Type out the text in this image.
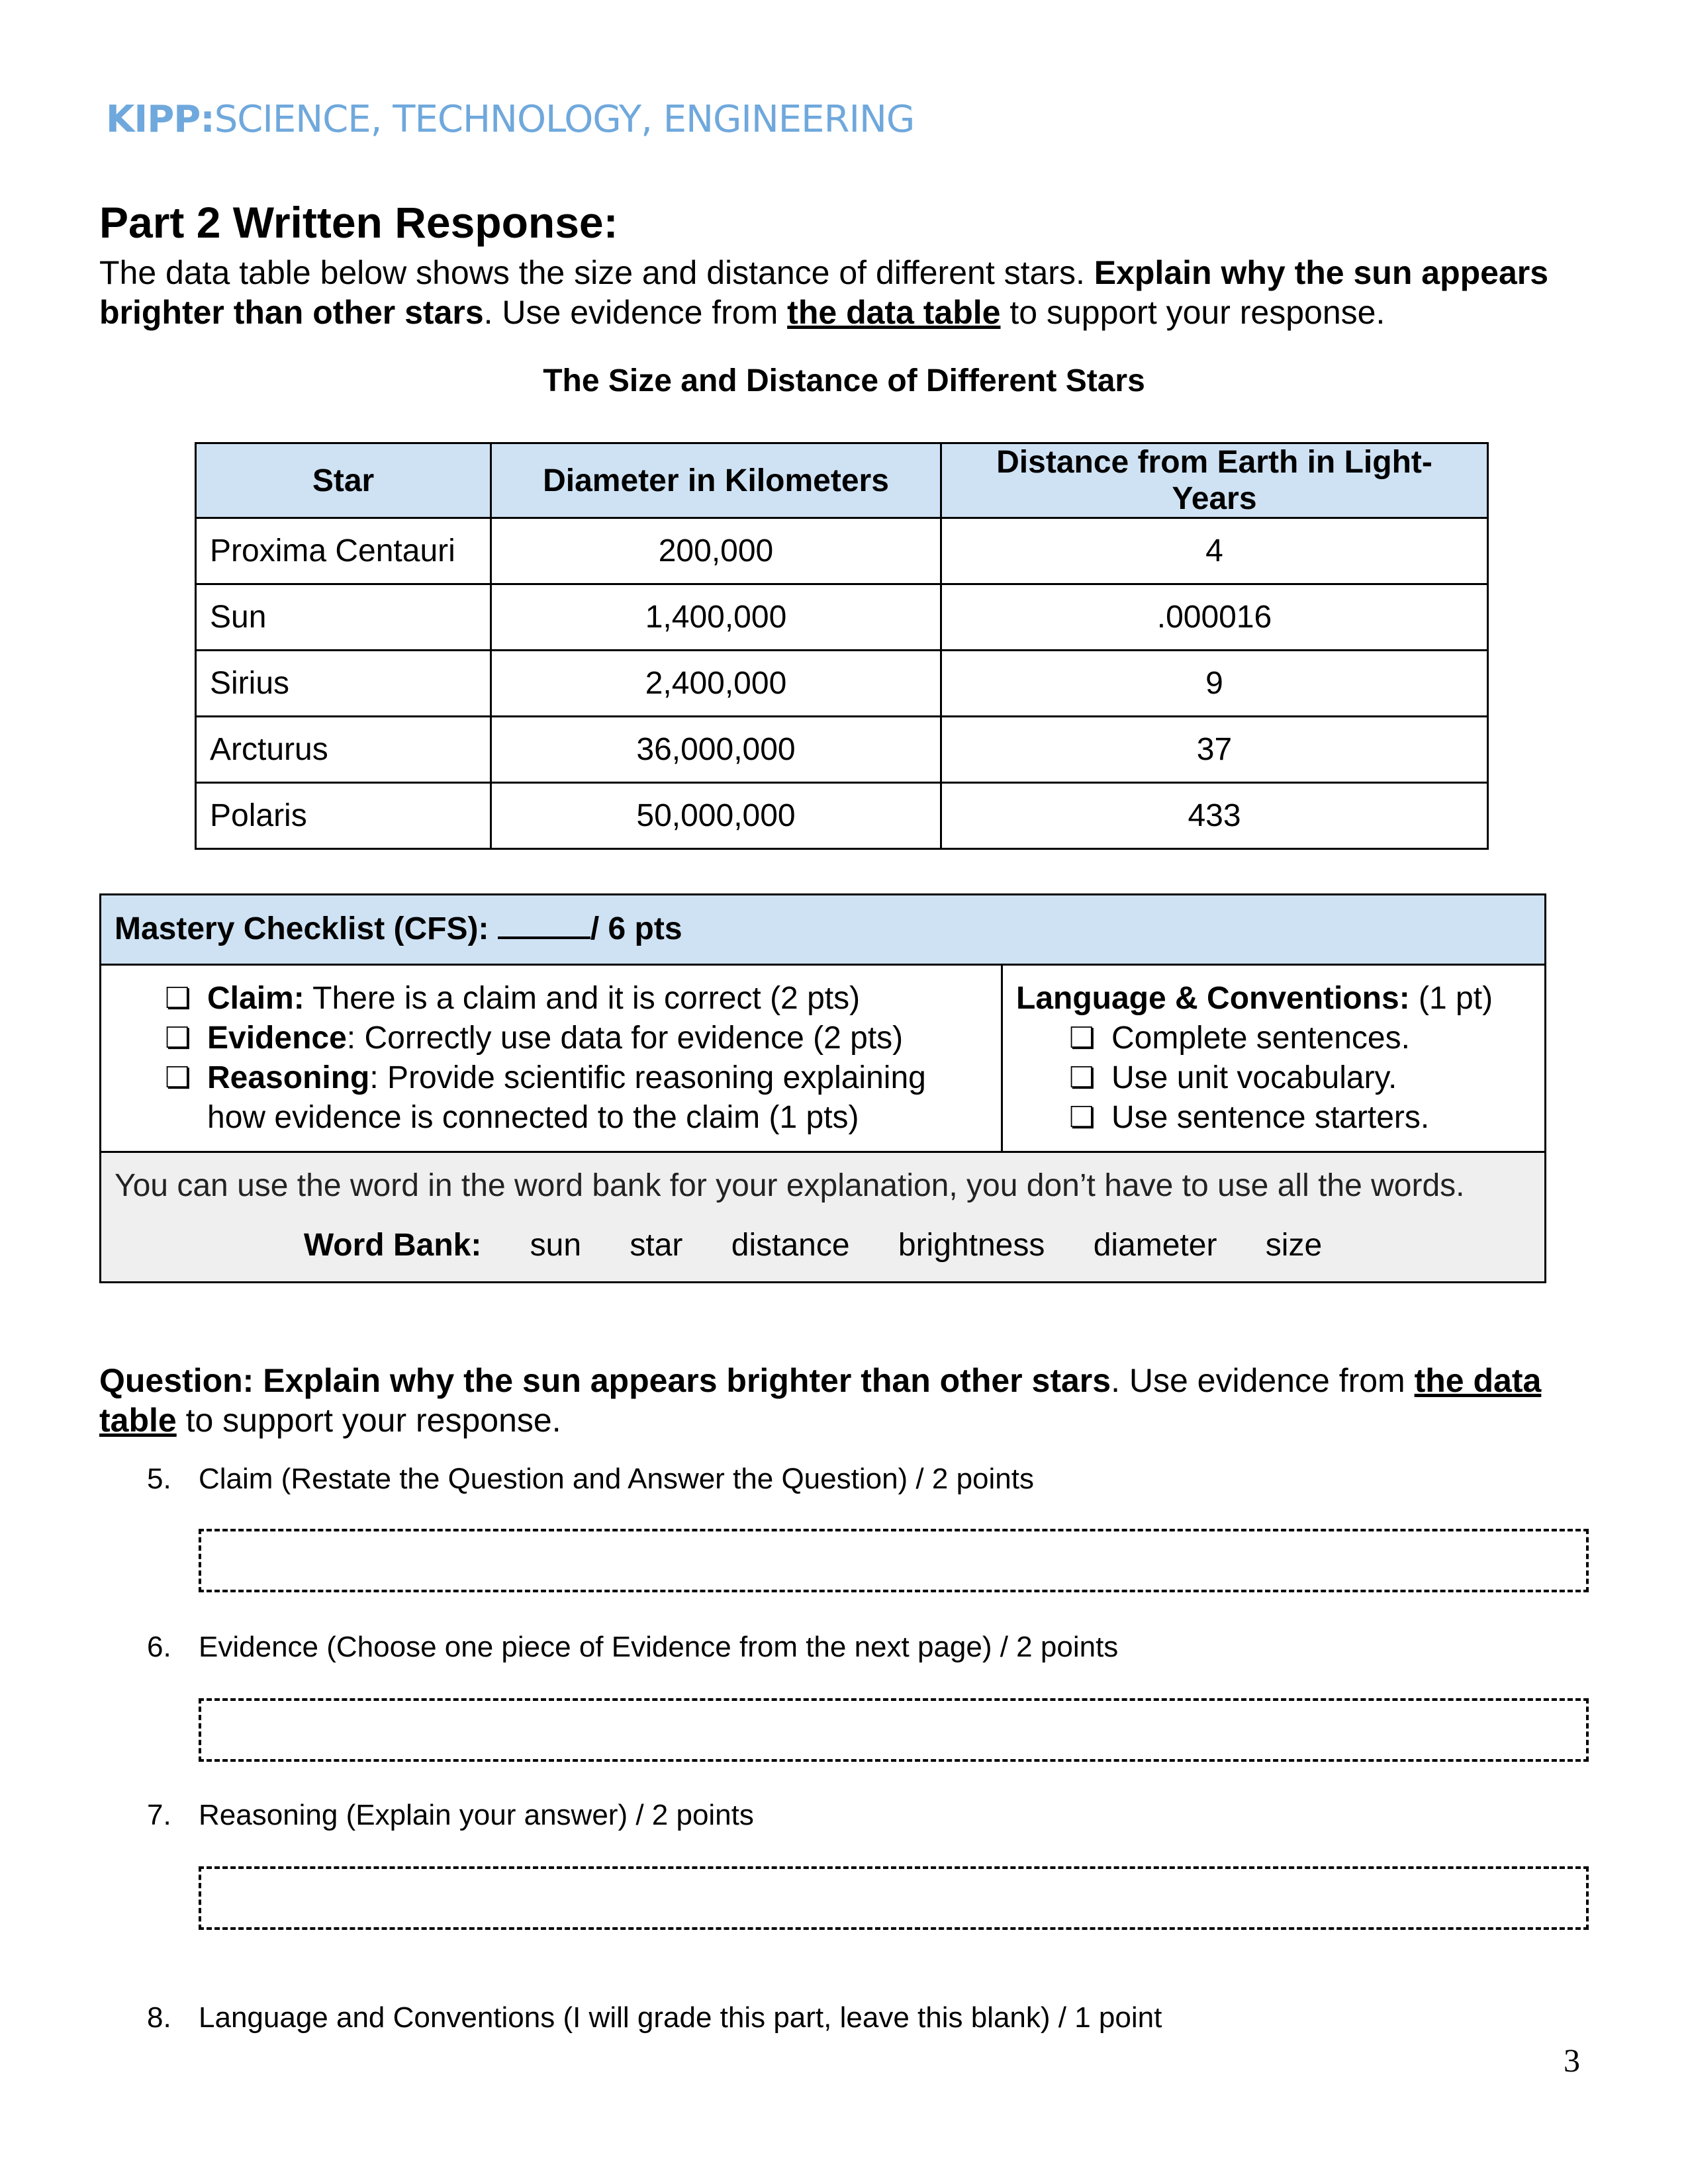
KIPP:SCIENCE, TECHNOLOGY, ENGINEERING
Part 2 Written Response:

The data table below shows the size and distance of different stars. Explain why the sun appears brighter than other stars. Use evidence from the data table to support your response.

The Size and Distance of Different Stars
Star	Diameter in Kilometers	Distance from Earth in Light-Years
Proxima Centauri	200,000	4
Sun	1,400,000	.000016
Sirius	2,400,000	9
Arcturus	36,000,000	37
Polaris	50,000,000	433
Mastery Checklist (CFS):	/ 6 pts

❏ Claim: There is a claim and it is correct (2 pts)
❏ Evidence: Correctly use data for evidence (2 pts)
❏ Reasoning: Provide scientific reasoning explaining how evidence is connected to the claim (1 pts)

Language & Conventions: (1 pt)
❏ Complete sentences.
❏ Use unit vocabulary.
❏ Use sentence starters.

You can use the word in the word bank for your explanation, you don’t have to use all the words.
Word Bank: sun star distance brightness diameter size

Question: Explain why the sun appears brighter than other stars. Use evidence from the data table to support your response.

5. Claim (Restate the Question and Answer the Question) / 2 points
6. Evidence (Choose one piece of Evidence from the next page) / 2 points
7. Reasoning (Explain your answer) / 2 points
8. Language and Conventions (I will grade this part, leave this blank) / 1 point
3
